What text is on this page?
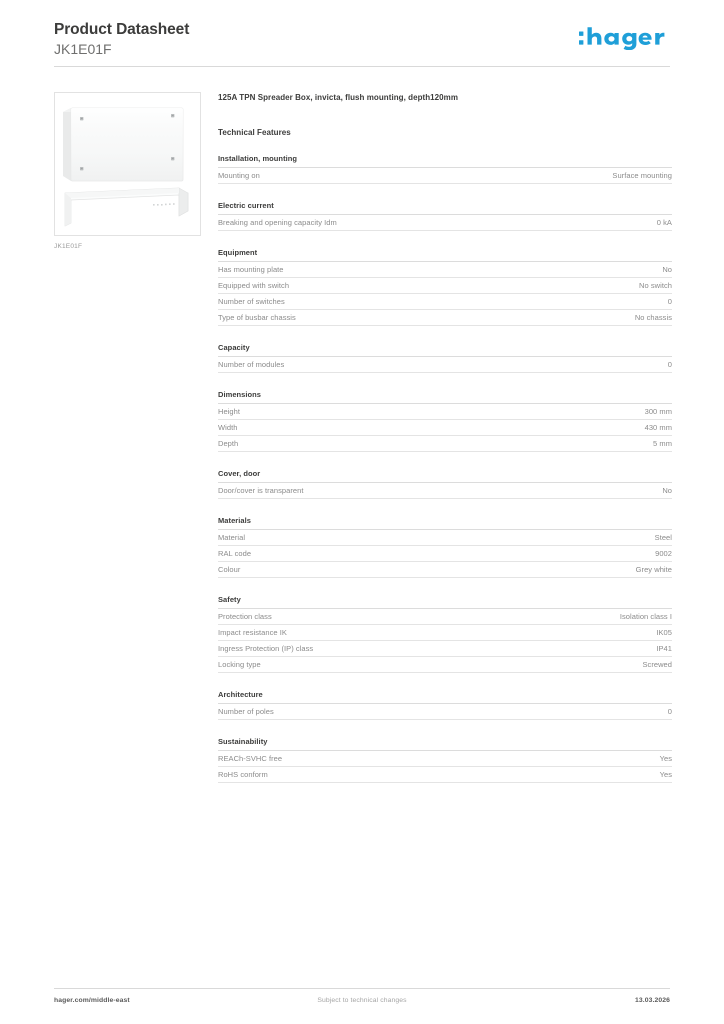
Product Datasheet
JK1E01F
JK1E01F
125A TPN Spreader Box, invicta, flush mounting, depth120mm
Technical Features
Installation, mounting
Mounting on	Surface mounting
Electric current
Breaking and opening capacity Idm	0 kA
Equipment
Has mounting plate	No
Equipped with switch	No switch
Number of switches	0
Type of busbar chassis	No chassis
Capacity
Number of modules	0
Dimensions
Height	300 mm
Width	430 mm
Depth	5 mm
Cover, door
Door/cover is transparent	No
Materials
Material	Steel
RAL code	9002
Colour	Grey white
Safety
Protection class	Isolation class I
Impact resistance IK	IK05
Ingress Protection (IP) class	IP41
Locking type	Screwed
Architecture
Number of poles	0
Sustainability
REACh-SVHC free	Yes
RoHS conform	Yes
hager.com/middle-east	Subject to technical changes	13.03.2026
